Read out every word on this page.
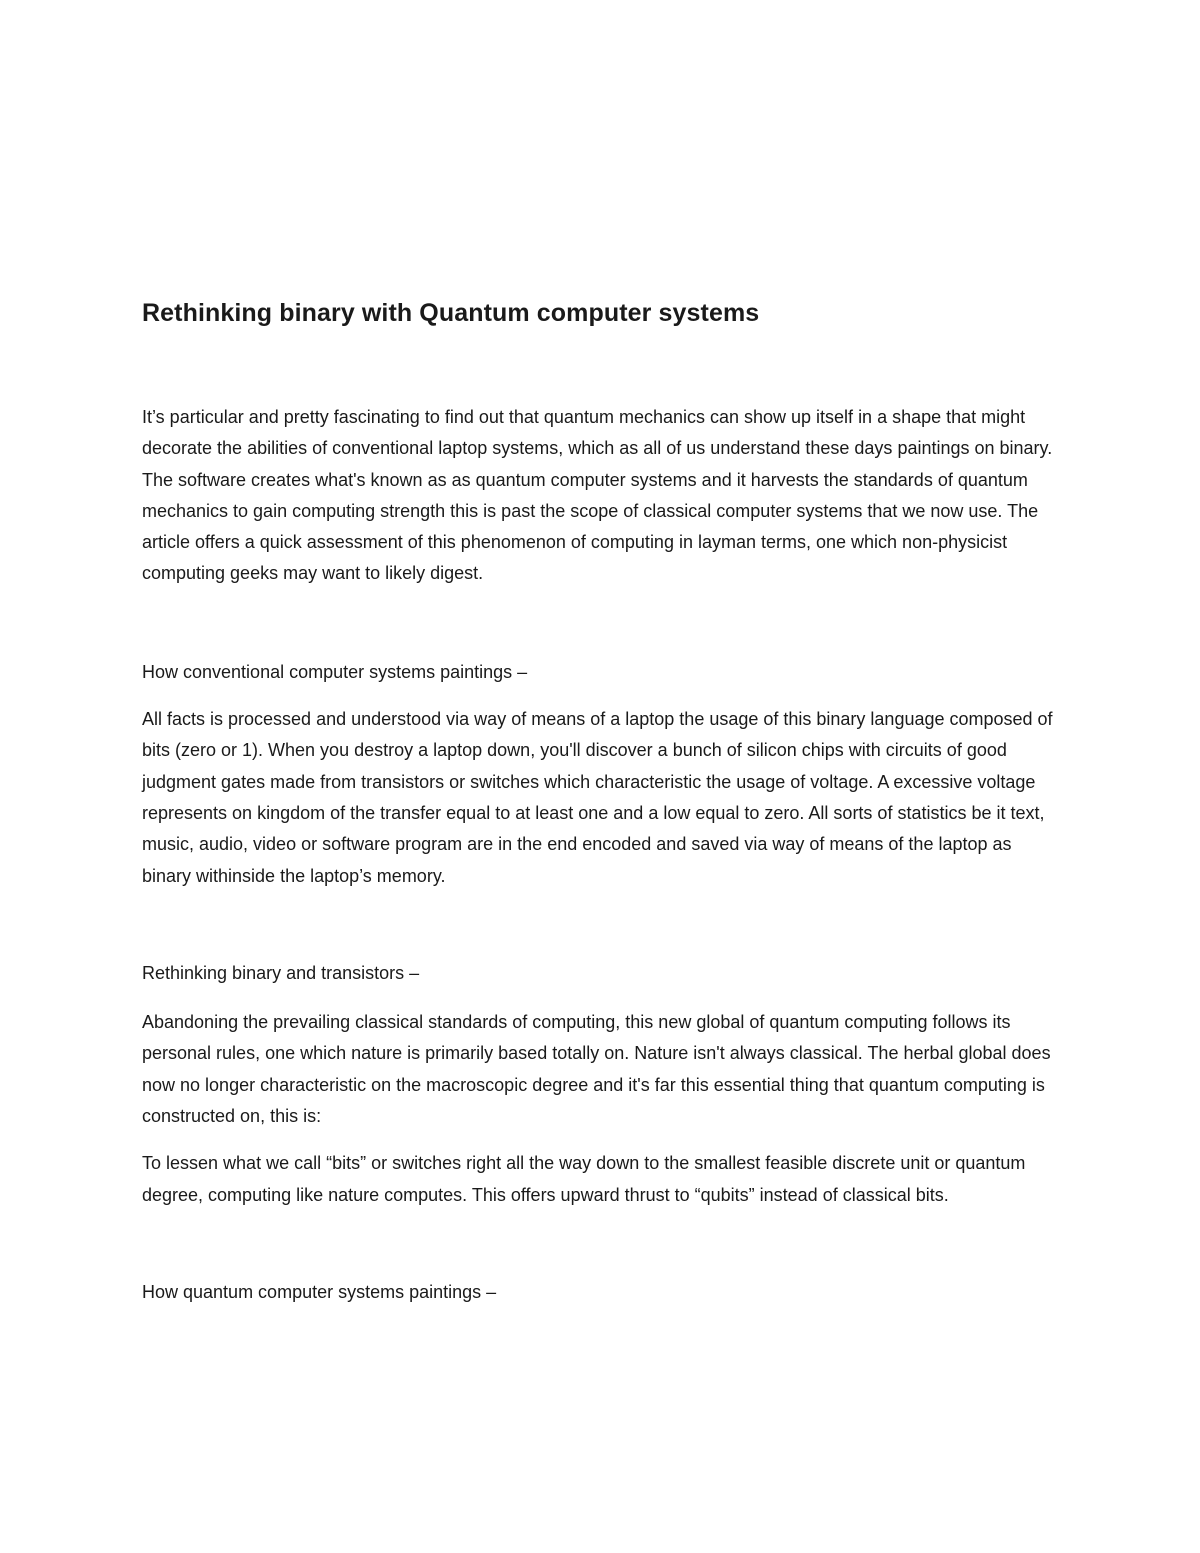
Rethinking binary with Quantum computer systems

It’s particular and pretty fascinating to find out that quantum mechanics can show up itself in a shape that might decorate the abilities of conventional laptop systems, which as all of us understand these days paintings on binary. The software creates what's known as as quantum computer systems and it harvests the standards of quantum mechanics to gain computing strength this is past the scope of classical computer systems that we now use. The article offers a quick assessment of this phenomenon of computing in layman terms, one which non-physicist computing geeks may want to likely digest.

How conventional computer systems paintings –

All facts is processed and understood via way of means of a laptop the usage of this binary language composed of bits (zero or 1). When you destroy a laptop down, you'll discover a bunch of silicon chips with circuits of good judgment gates made from transistors or switches which characteristic the usage of voltage. A excessive voltage represents on kingdom of the transfer equal to at least one and a low equal to zero. All sorts of statistics be it text, music, audio, video or software program are in the end encoded and saved via way of means of the laptop as binary withinside the laptop’s memory.

Rethinking binary and transistors –

Abandoning the prevailing classical standards of computing, this new global of quantum computing follows its personal rules, one which nature is primarily based totally on. Nature isn't always classical. The herbal global does now no longer characteristic on the macroscopic degree and it's far this essential thing that quantum computing is constructed on, this is:

To lessen what we call “bits” or switches right all the way down to the smallest feasible discrete unit or quantum degree, computing like nature computes. This offers upward thrust to “qubits” instead of classical bits.

How quantum computer systems paintings –
